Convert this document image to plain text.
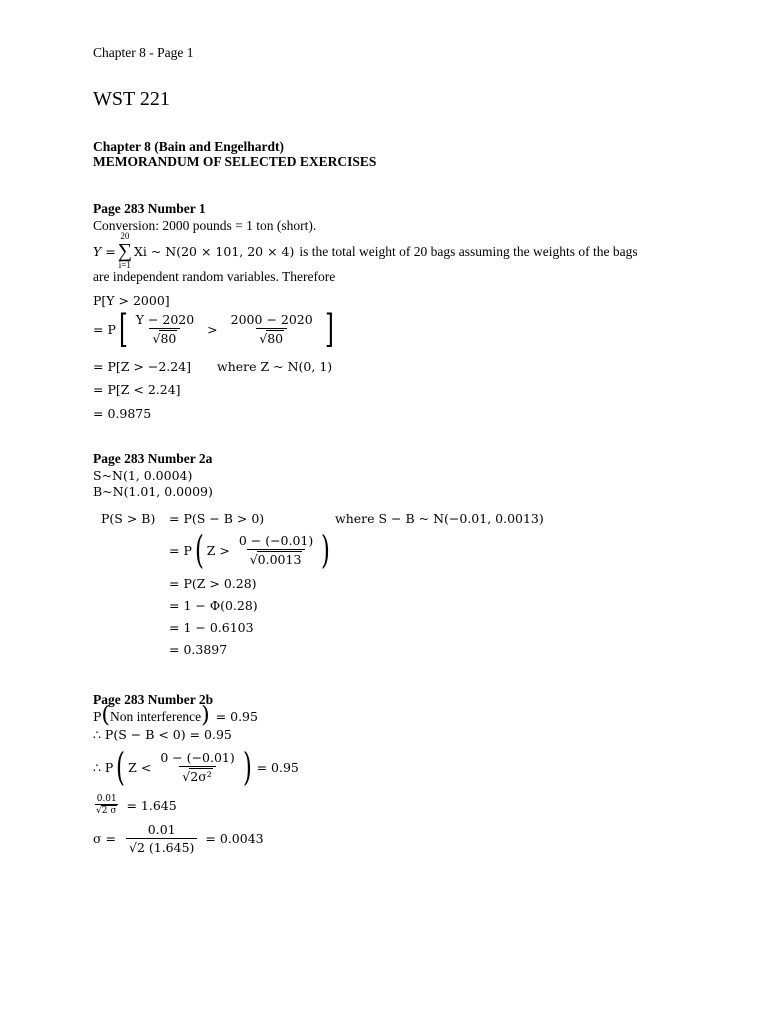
Chapter 8 - Page 1
WST 221
Chapter 8 (Bain and Engelhardt)
MEMORANDUM OF SELECTED EXERCISES
Page 283 Number 1
Conversion: 2000 pounds = 1 ton (short).
Y =
20
∑
i=1
Xi ~ N(20 × 101, 20 × 4) is the total weight of 20 bags assuming the weights of the bags
are independent random variables. Therefore
P[Y > 2000]
= P [ $\frac{Y - 2020}{√80} > \frac{2000 - 2020}{√80}$ ]
= P[Z > −2.24] where Z ~ N(0, 1)
= P[Z < 2.24]
= 0.9875
Page 283 Number 2a
S~N(1, 0.0004)
B~N(1.01, 0.0009)
P(S > B) = P(S − B > 0)	where S − B ~ N(−0.01, 0.0013)
= P ( $Z > \frac{0 - (-0.01)}{√0.0013}$ )
= P(Z > 0.28)
= 1 − Φ(0.28)
= 1 − 0.6103
= 0.3897
Page 283 Number 2b
P ( Non interference ) = 0.95
∴ P(S − B < 0) = 0.95
∴ P ( $Z < \frac{0 - (-0.01)}{\text{√2σ²}}$ ) = 0.95
$\frac{0.01}{√2 \sigma} = 1.645$
$\sigma = \frac{0.01}{√2 (1.645)} = 0.0043$
